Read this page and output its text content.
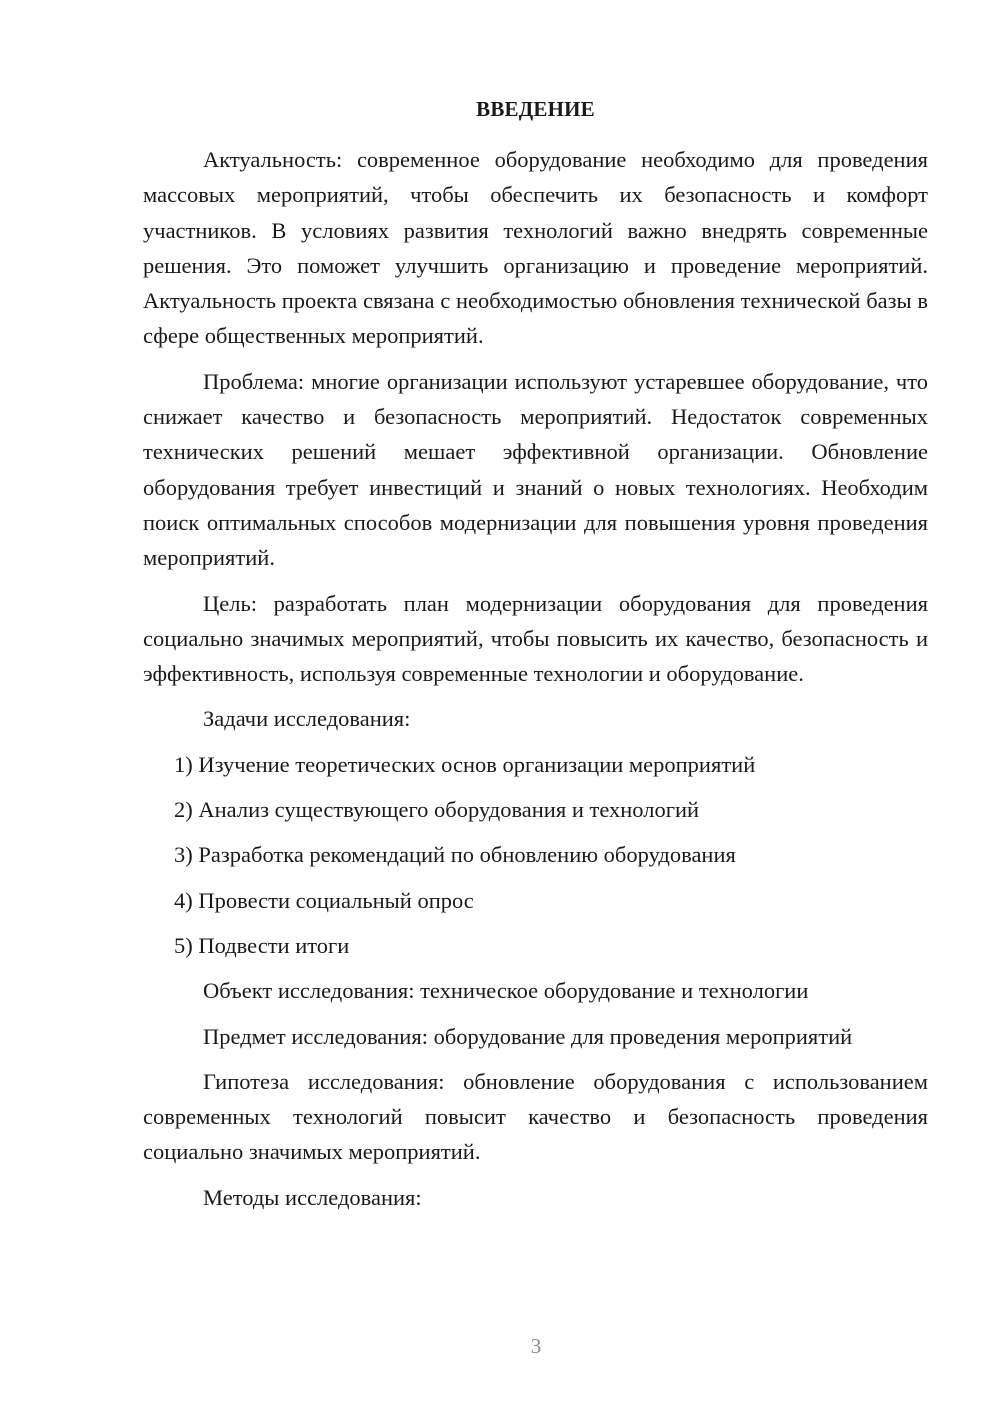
ВВЕДЕНИЕ

Актуальность: современное оборудование необходимо для проведения массовых мероприятий, чтобы обеспечить их безопасность и комфорт участников. В условиях развития технологий важно внедрять современные решения. Это поможет улучшить организацию и проведение мероприятий. Актуальность проекта связана с необходимостью обновления технической базы в сфере общественных мероприятий.

Проблема: многие организации используют устаревшее оборудование, что снижает качество и безопасность мероприятий. Недостаток современных технических решений мешает эффективной организации. Обновление оборудования требует инвестиций и знаний о новых технологиях. Необходим поиск оптимальных способов модернизации для повышения уровня проведения мероприятий.

Цель: разработать план модернизации оборудования для проведения социально значимых мероприятий, чтобы повысить их качество, безопасность и эффективность, используя современные технологии и оборудование.

Задачи исследования:

1) Изучение теоретических основ организации мероприятий
2) Анализ существующего оборудования и технологий
3) Разработка рекомендаций по обновлению оборудования
4) Провести социальный опрос
5) Подвести итоги

Объект исследования: техническое оборудование и технологии

Предмет исследования: оборудование для проведения мероприятий

Гипотеза исследования: обновление оборудования с использованием современных технологий повысит качество и безопасность проведения социально значимых мероприятий.

Методы исследования:

3
